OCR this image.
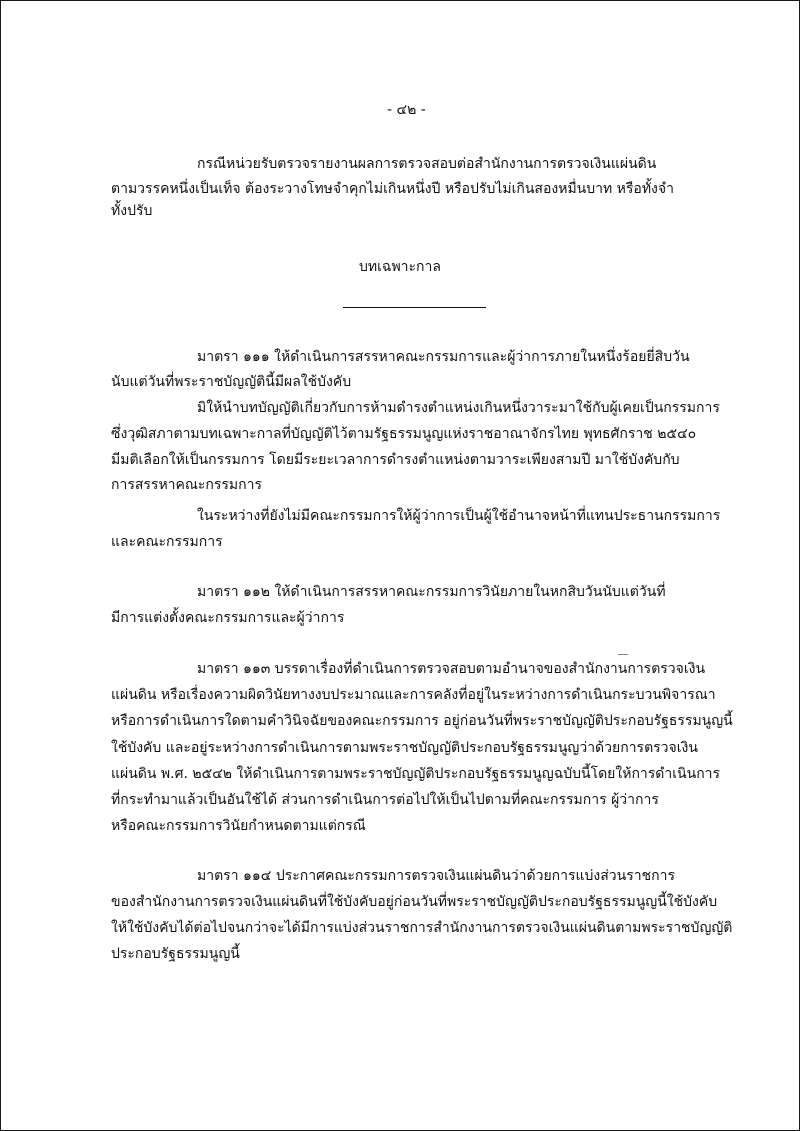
- ๔๒ -
กรณีหน่วยรับตรวจรายงานผลการตรวจสอบต่อสำนักงานการตรวจเงินแผ่นดิน
ตามวรรคหนึ่งเป็นเท็จ ต้องระวางโทษจำคุกไม่เกินหนึ่งปี หรือปรับไม่เกินสองหมื่นบาท หรือทั้งจำ
ทั้งปรับ
บทเฉพาะกาล
มาตรา ๑๑๑ ให้ดำเนินการสรรหาคณะกรรมการและผู้ว่าการภายในหนึ่งร้อยยี่สิบวัน
นับแต่วันที่พระราชบัญญัตินี้มีผลใช้บังคับ
มิให้นำบทบัญญัติเกี่ยวกับการห้ามดำรงตำแหน่งเกินหนึ่งวาระมาใช้กับผู้เคยเป็นกรรมการ
ซึ่งวุฒิสภาตามบทเฉพาะกาลที่บัญญัติไว้ตามรัฐธรรมนูญแห่งราชอาณาจักรไทย พุทธศักราช ๒๕๔๐
มีมติเลือกให้เป็นกรรมการ โดยมีระยะเวลาการดำรงตำแหน่งตามวาระเพียงสามปี มาใช้บังคับกับ
การสรรหาคณะกรรมการ
ในระหว่างที่ยังไม่มีคณะกรรมการให้ผู้ว่าการเป็นผู้ใช้อำนาจหน้าที่แทนประธานกรรมการ
และคณะกรรมการ
มาตรา ๑๑๒ ให้ดำเนินการสรรหาคณะกรรมการวินัยภายในหกสิบวันนับแต่วันที่
มีการแต่งตั้งคณะกรรมการและผู้ว่าการ
มาตรา ๑๑๓ บรรดาเรื่องที่ดำเนินการตรวจสอบตามอำนาจของสำนักงานการตรวจเงิน
แผ่นดิน หรือเรื่องความผิดวินัยทางงบประมาณและการคลังที่อยู่ในระหว่างการดำเนินกระบวนพิจารณา
หรือการดำเนินการใดตามคำวินิจฉัยของคณะกรรมการ อยู่ก่อนวันที่พระราชบัญญัติประกอบรัฐธรรมนูญนี้
ใช้บังคับ และอยู่ระหว่างการดำเนินการตามพระราชบัญญัติประกอบรัฐธรรมนูญว่าด้วยการตรวจเงิน
แผ่นดิน พ.ศ. ๒๕๔๒ ให้ดำเนินการตามพระราชบัญญัติประกอบรัฐธรรมนูญฉบับนี้โดยให้การดำเนินการ
ที่กระทำมาแล้วเป็นอันใช้ได้ ส่วนการดำเนินการต่อไปให้เป็นไปตามที่คณะกรรมการ ผู้ว่าการ
หรือคณะกรรมการวินัยกำหนดตามแต่กรณี
มาตรา ๑๑๔ ประกาศคณะกรรมการตรวจเงินแผ่นดินว่าด้วยการแบ่งส่วนราชการ
ของสำนักงานการตรวจเงินแผ่นดินที่ใช้บังคับอยู่ก่อนวันที่พระราชบัญญัติประกอบรัฐธรรมนูญนี้ใช้บังคับ
ให้ใช้บังคับได้ต่อไปจนกว่าจะได้มีการแบ่งส่วนราชการสำนักงานการตรวจเงินแผ่นดินตามพระราชบัญญัติ
ประกอบรัฐธรรมนูญนี้
